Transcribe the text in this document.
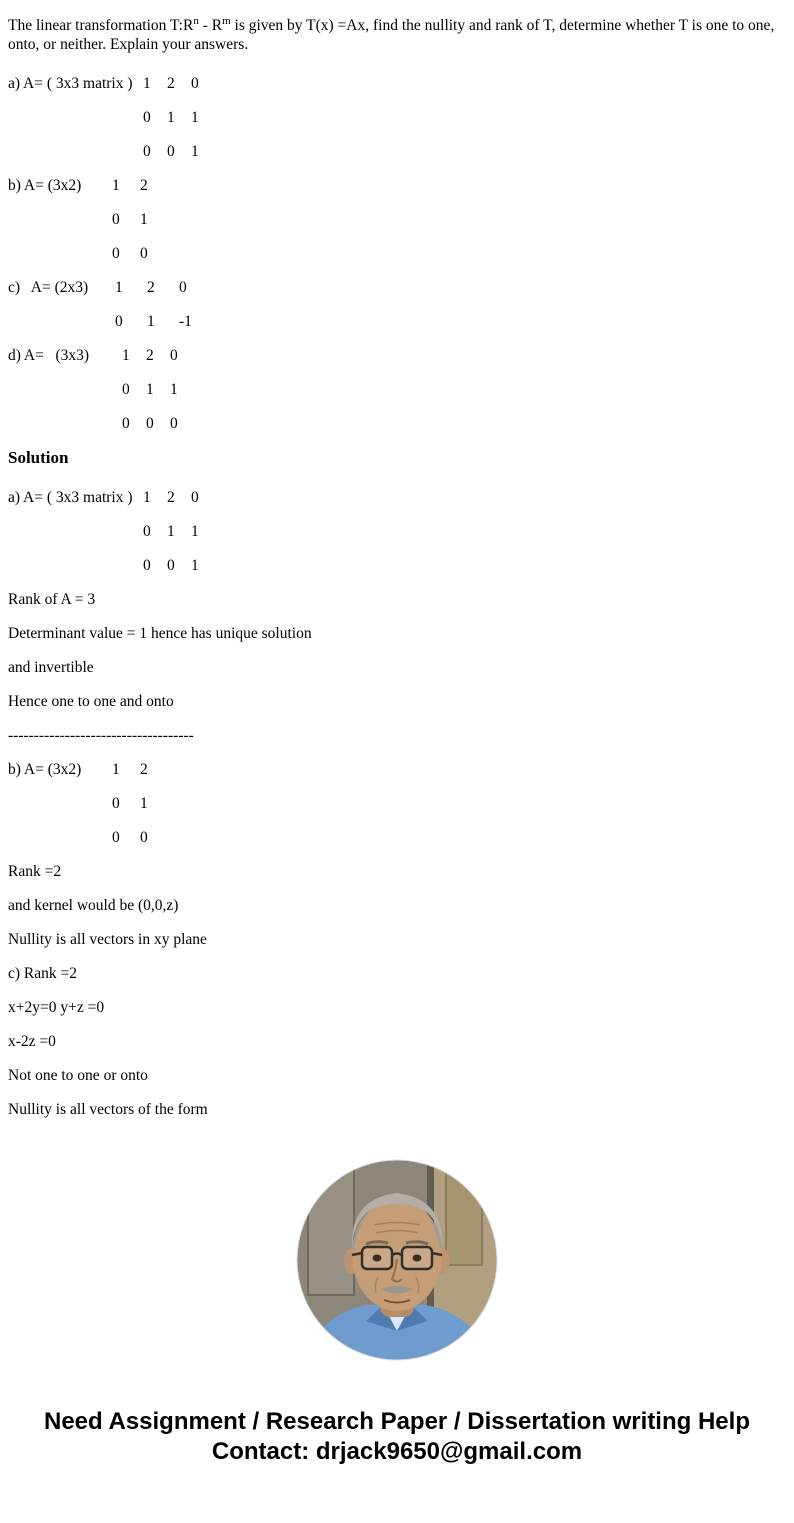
The linear transformation $T:R^n - R^m$ is given by T(x) =Ax, find the nullity and rank of T, determine whether T is one to one, onto, or neither. Explain your answers.

a) A= ( 3x3 matrix ) 1 2 0

0 1 1

0 0 1

b) A= (3x2) 1 2

0 1

0 0

c)   A= (2x3) 1 2 0

0 1 -1

d) A=   (3x3) 1 2 0

0 1 1

0 0 0

Solution

a) A= ( 3x3 matrix ) 1 2 0

0 1 1

0 0 1

Rank of A = 3

Determinant value = 1 hence has unique solution

and invertible

Hence one to one and onto

------------------------------------

b) A= (3x2) 1 2

0 1

0 0

Rank =2

and kernel would be (0,0,z)

Nullity is all vectors in xy plane

c) Rank =2

x+2y=0 y+z =0

x-2z =0

Not one to one or onto

Nullity is all vectors of the form

Need Assignment / Research Paper / Dissertation writing Help

Contact: drjack9650@gmail.com
